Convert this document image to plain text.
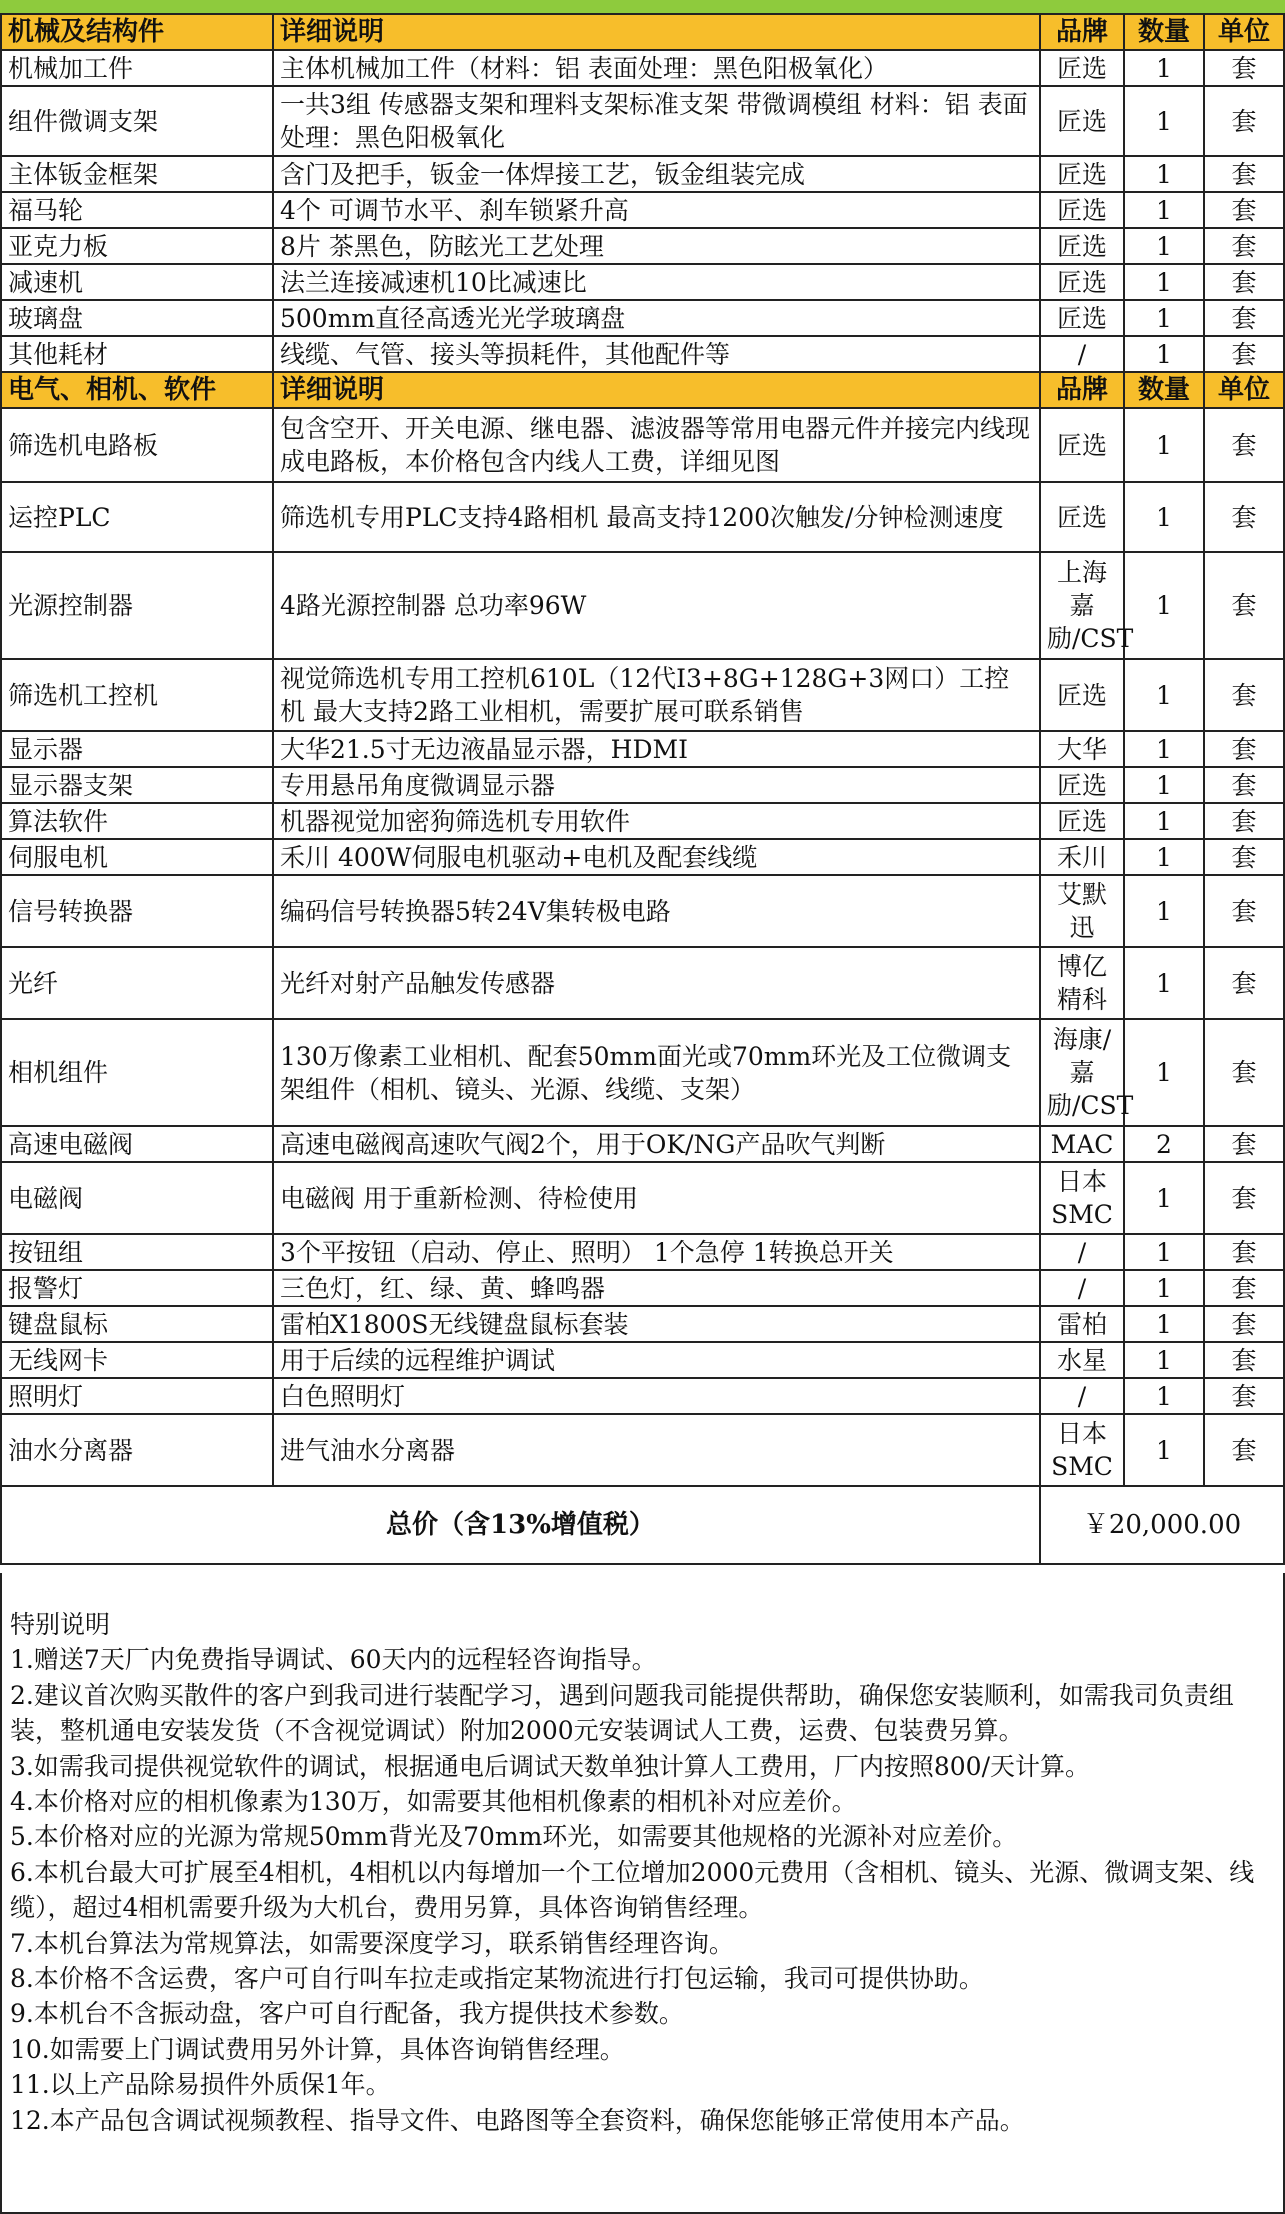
机械及结构件	详细说明	品牌	数量	单位
机械加工件	主体机械加工件（材料：铝 表面处理：黑色阳极氧化）	匠选	1	套
组件微调支架	一共3组 传感器支架和理料支架标准支架 带微调模组 材料：铝 表面处理：黑色阳极氧化	匠选	1	套
主体钣金框架	含门及把手，钣金一体焊接工艺，钣金组装完成	匠选	1	套
福马轮	4个 可调节水平、刹车锁紧升高	匠选	1	套
亚克力板	8片 茶黑色，防眩光工艺处理	匠选	1	套
减速机	法兰连接减速机10比减速比	匠选	1	套
玻璃盘	500mm直径高透光光学玻璃盘	匠选	1	套
其他耗材	线缆、气管、接头等损耗件，其他配件等	/	1	套
电气、相机、软件	详细说明	品牌	数量	单位
筛选机电路板	包含空开、开关电源、继电器、滤波器等常用电器元件并接完内线现成电路板，本价格包含内线人工费，详细见图	匠选	1	套
运控PLC	筛选机专用PLC支持4路相机 最高支持1200次触发/分钟检测速度	匠选	1	套
光源控制器	4路光源控制器 总功率96W	上海嘉励/CST	1	套
筛选机工控机	视觉筛选机专用工控机610L（12代I3+8G+128G+3网口）工控机 最大支持2路工业相机，需要扩展可联系销售	匠选	1	套
显示器	大华21.5寸无边液晶显示器，HDMI	大华	1	套
显示器支架	专用悬吊角度微调显示器	匠选	1	套
算法软件	机器视觉加密狗筛选机专用软件	匠选	1	套
伺服电机	禾川 400W伺服电机驱动+电机及配套线缆	禾川	1	套
信号转换器	编码信号转换器5转24V集转极电路	艾默迅	1	套
光纤	光纤对射产品触发传感器	博亿精科	1	套
相机组件	130万像素工业相机、配套50mm面光或70mm环光及工位微调支架组件（相机、镜头、光源、线缆、支架）	海康/嘉励/CST	1	套
高速电磁阀	高速电磁阀高速吹气阀2个，用于OK/NG产品吹气判断	MAC	2	套
电磁阀	电磁阀 用于重新检测、待检使用	日本SMC	1	套
按钮组	3个平按钮（启动、停止、照明） 1个急停 1转换总开关	/	1	套
报警灯	三色灯，红、绿、黄、蜂鸣器	/	1	套
键盘鼠标	雷柏X1800S无线键盘鼠标套装	雷柏	1	套
无线网卡	用于后续的远程维护调试	水星	1	套
照明灯	白色照明灯	/	1	套
油水分离器	进气油水分离器	日本SMC	1	套
总价（含13%增值税）		￥20,000.00		
特别说明
1.赠送7天厂内免费指导调试、60天内的远程轻咨询指导。
2.建议首次购买散件的客户到我司进行装配学习，遇到问题我司能提供帮助，确保您安装顺利，如需我司负责组装，整机通电安装发货（不含视觉调试）附加2000元安装调试人工费，运费、包装费另算。
3.如需我司提供视觉软件的调试，根据通电后调试天数单独计算人工费用，厂内按照800/天计算。
4.本价格对应的相机像素为130万，如需要其他相机像素的相机补对应差价。
5.本价格对应的光源为常规50mm背光及70mm环光，如需要其他规格的光源补对应差价。
6.本机台最大可扩展至4相机，4相机以内每增加一个工位增加2000元费用（含相机、镜头、光源、微调支架、线缆），超过4相机需要升级为大机台，费用另算，具体咨询销售经理。
7.本机台算法为常规算法，如需要深度学习，联系销售经理咨询。
8.本价格不含运费，客户可自行叫车拉走或指定某物流进行打包运输，我司可提供协助。
9.本机台不含振动盘，客户可自行配备，我方提供技术参数。
10.如需要上门调试费用另外计算，具体咨询销售经理。
11.以上产品除易损件外质保1年。
12.本产品包含调试视频教程、指导文件、电路图等全套资料，确保您能够正常使用本产品。
